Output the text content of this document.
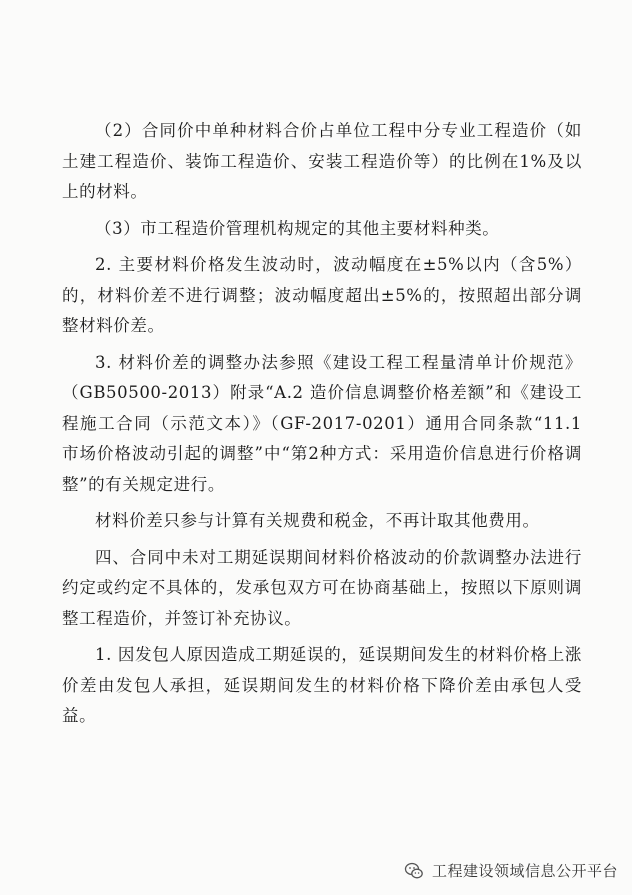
（2）合同价中单种材料合价占单位工程中分专业工程造价（如土建工程造价、装饰工程造价、安装工程造价等）的比例在1%及以上的材料。

（3）市工程造价管理机构规定的其他主要材料种类。

2. 主要材料价格发生波动时，波动幅度在±5%以内（含5%）的，材料价差不进行调整；波动幅度超出±5%的，按照超出部分调整材料价差。

3. 材料价差的调整办法参照《建设工程工程量清单计价规范》（GB50500-2013）附录“A.2 造价信息调整价格差额”和《建设工程施工合同（示范文本）》（GF-2017-0201）通用合同条款“11.1 市场价格波动引起的调整”中“第2种方式：采用造价信息进行价格调整”的有关规定进行。

材料价差只参与计算有关规费和税金，不再计取其他费用。

四、合同中未对工期延误期间材料价格波动的价款调整办法进行约定或约定不具体的，发承包双方可在协商基础上，按照以下原则调整工程造价，并签订补充协议。

1. 因发包人原因造成工期延误的，延误期间发生的材料价格上涨价差由发包人承担，延误期间发生的材料价格下降价差由承包人受益。

工程建设领域信息公开平台
